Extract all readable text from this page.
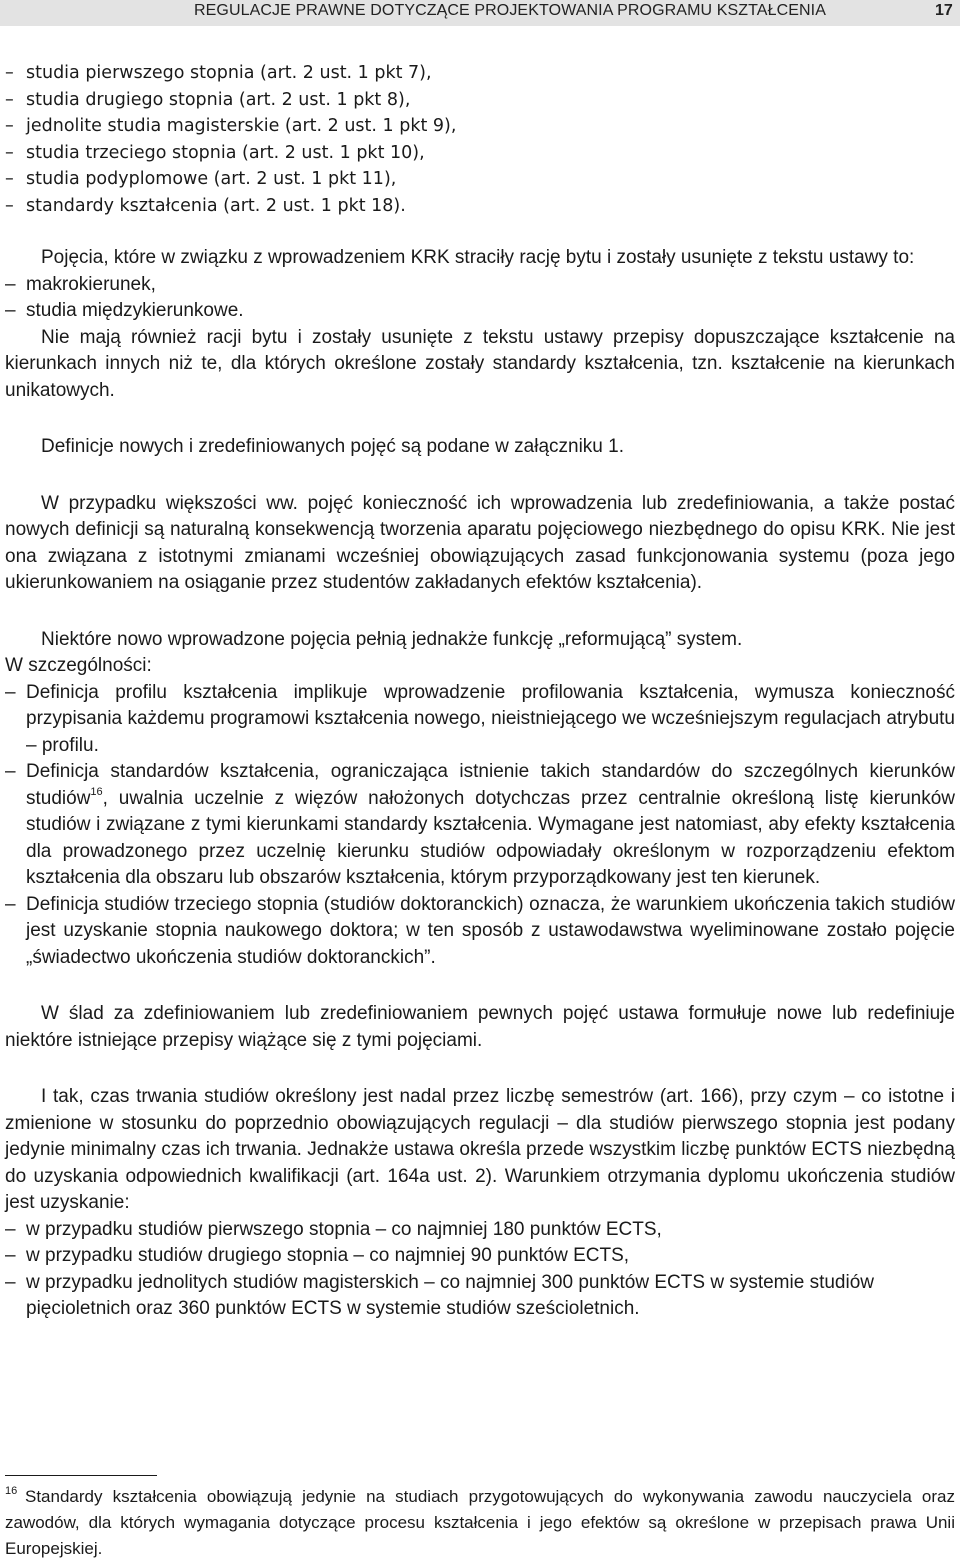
REGULACJE PRAWNE DOTYCZĄCE PROJEKTOWANIA PROGRAMU KSZTAŁCENIA	17
– studia pierwszego stopnia (art. 2 ust. 1 pkt 7),
– studia drugiego stopnia (art. 2 ust. 1 pkt 8),
– jednolite studia magisterskie (art. 2 ust. 1 pkt 9),
– studia trzeciego stopnia (art. 2 ust. 1 pkt 10),
– studia podyplomowe (art. 2 ust. 1 pkt 11),
– standardy kształcenia (art. 2 ust. 1 pkt 18).

Pojęcia, które w związku z wprowadzeniem KRK straciły rację bytu i zostały usunięte z tekstu ustawy to:

– makrokierunek,
– studia międzykierunkowe.

Nie mają również racji bytu i zostały usunięte z tekstu ustawy przepisy dopuszczające kształcenie na kierunkach innych niż te, dla których określone zostały standardy kształcenia, tzn. kształcenie na kierunkach unikatowych.

Definicje nowych i zredefiniowanych pojęć są podane w załączniku 1.

W przypadku większości ww. pojęć konieczność ich wprowadzenia lub zredefiniowania, a także postać nowych definicji są naturalną konsekwencją tworzenia aparatu pojęciowego niezbędnego do opisu KRK. Nie jest ona związana z istotnymi zmianami wcześniej obowiązujących zasad funkcjonowania systemu (poza jego ukierunkowaniem na osiąganie przez studentów zakładanych efektów kształcenia).

Niektóre nowo wprowadzone pojęcia pełnią jednakże funkcję „reformującą” system.

W szczególności:

– Definicja profilu kształcenia implikuje wprowadzenie profilowania kształcenia, wymusza konieczność przypisania każdemu programowi kształcenia nowego, nieistniejącego we wcześniejszym regulacjach atrybutu – profilu.
– Definicja standardów kształcenia, ograniczająca istnienie takich standardów do szczególnych kierunków studiów$^{16}$, uwalnia uczelnie z więzów nałożonych dotychczas przez centralnie określoną listę kierunków studiów i związane z tymi kierunkami standardy kształcenia. Wymagane jest natomiast, aby efekty kształcenia dla prowadzonego przez uczelnię kierunku studiów odpowiadały określonym w rozporządzeniu efektom kształcenia dla obszaru lub obszarów kształcenia, którym przyporządkowany jest ten kierunek.
– Definicja studiów trzeciego stopnia (studiów doktoranckich) oznacza, że warunkiem ukończenia takich studiów jest uzyskanie stopnia naukowego doktora; w ten sposób z ustawodawstwa wyeliminowane zostało pojęcie „świadectwo ukończenia studiów doktoranckich”.

W ślad za zdefiniowaniem lub zredefiniowaniem pewnych pojęć ustawa formułuje nowe lub redefiniuje niektóre istniejące przepisy wiążące się z tymi pojęciami.

I tak, czas trwania studiów określony jest nadal przez liczbę semestrów (art. 166), przy czym – co istotne i zmienione w stosunku do poprzednio obowiązujących regulacji – dla studiów pierwszego stopnia jest podany jedynie minimalny czas ich trwania. Jednakże ustawa określa przede wszystkim liczbę punktów ECTS niezbędną do uzyskania odpowiednich kwalifikacji (art. 164a ust. 2). Warunkiem otrzymania dyplomu ukończenia studiów jest uzyskanie:

– w przypadku studiów pierwszego stopnia – co najmniej 180 punktów ECTS,
– w przypadku studiów drugiego stopnia – co najmniej 90 punktów ECTS,
– w przypadku jednolitych studiów magisterskich – co najmniej 300 punktów ECTS w systemie studiów pięcioletnich oraz 360 punktów ECTS w systemie studiów sześcioletnich.
16 Standardy kształcenia obowiązują jedynie na studiach przygotowujących do wykonywania zawodu nauczyciela oraz zawodów, dla których wymagania dotyczące procesu kształcenia i jego efektów są określone w przepisach prawa Unii Europejskiej.
